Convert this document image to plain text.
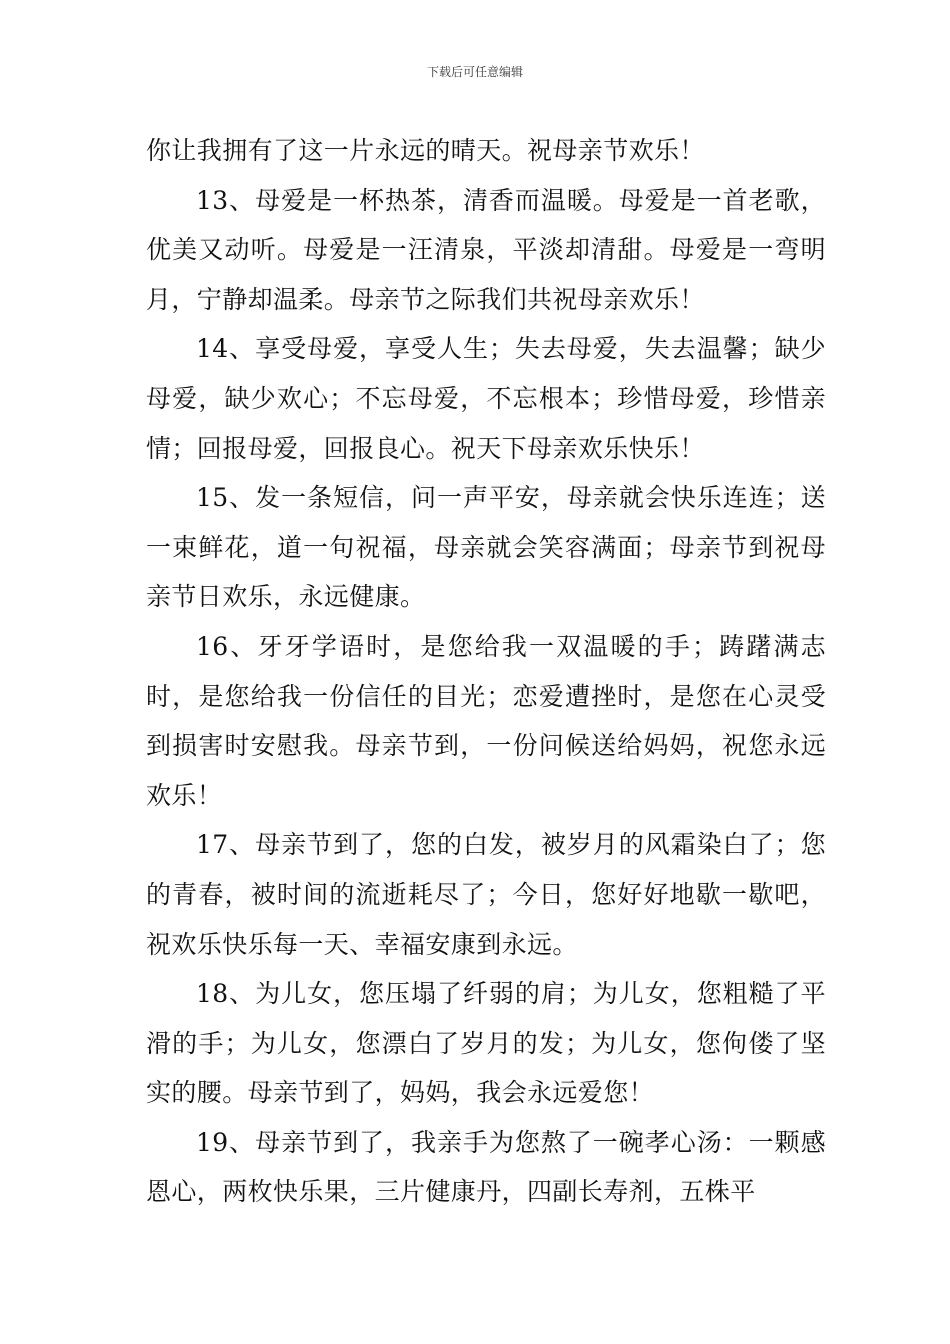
下载后可任意编辑

你让我拥有了这一片永远的晴天。祝母亲节欢乐！

13、母爱是一杯热茶，清香而温暖。母爱是一首老歌，优美又动听。母爱是一汪清泉，平淡却清甜。母爱是一弯明月，宁静却温柔。母亲节之际我们共祝母亲欢乐！

14、享受母爱，享受人生；失去母爱，失去温馨；缺少母爱，缺少欢心；不忘母爱，不忘根本；珍惜母爱，珍惜亲情；回报母爱，回报良心。祝天下母亲欢乐快乐！

15、发一条短信，问一声平安，母亲就会快乐连连；送一束鲜花，道一句祝福，母亲就会笑容满面；母亲节到祝母亲节日欢乐，永远健康。

16、牙牙学语时，是您给我一双温暖的手；踌躇满志时，是您给我一份信任的目光；恋爱遭挫时，是您在心灵受到损害时安慰我。母亲节到，一份问候送给妈妈，祝您永远欢乐！

17、母亲节到了，您的白发，被岁月的风霜染白了；您的青春，被时间的流逝耗尽了；今日，您好好地歇一歇吧，祝欢乐快乐每一天、幸福安康到永远。

18、为儿女，您压塌了纤弱的肩；为儿女，您粗糙了平滑的手；为儿女，您漂白了岁月的发；为儿女，您佝偻了坚实的腰。母亲节到了，妈妈，我会永远爱您！

19、母亲节到了，我亲手为您熬了一碗孝心汤：一颗感恩心，两枚快乐果，三片健康丹，四副长寿剂，五株平
